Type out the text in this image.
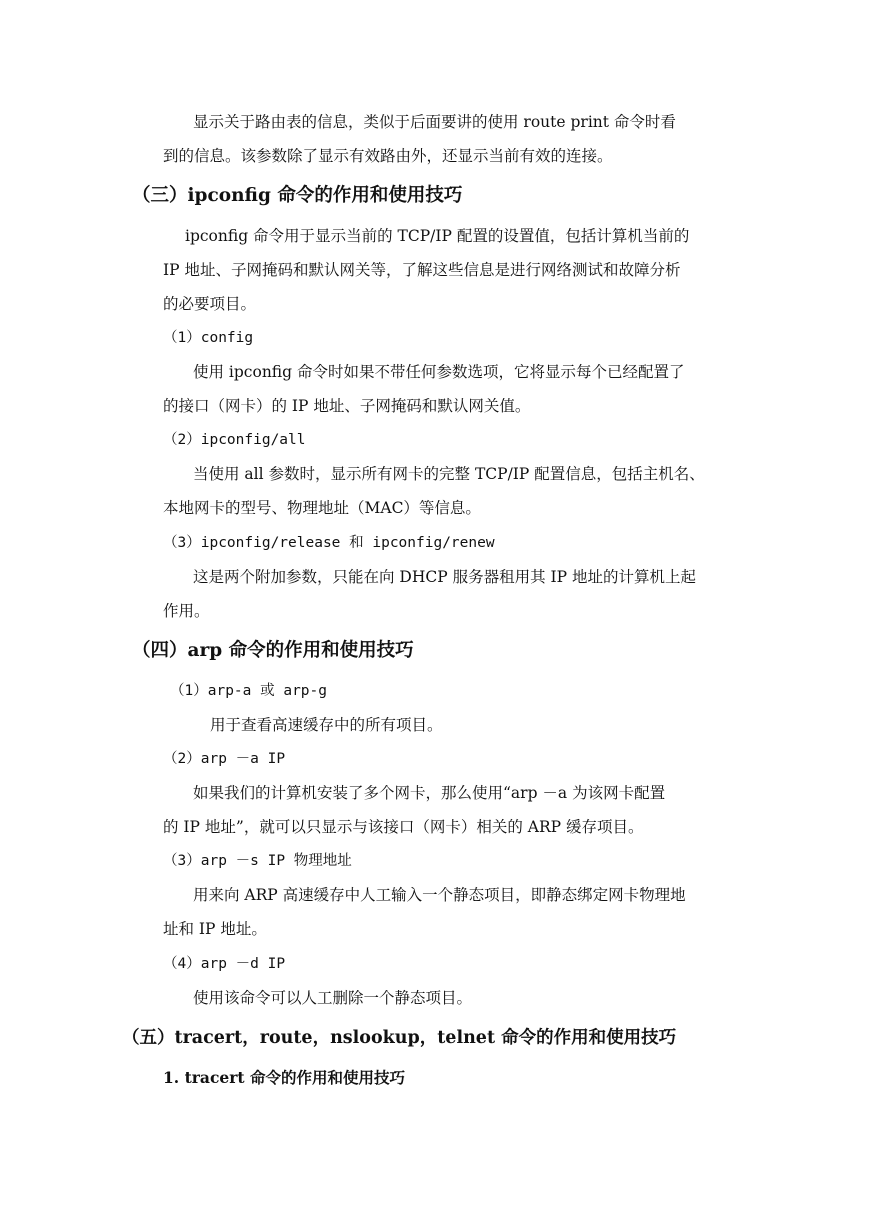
显示关于路由表的信息，类似于后面要讲的使用 route print 命令时看
到的信息。该参数除了显示有效路由外，还显示当前有效的连接。
（三）ipconfig 命令的作用和使用技巧
ipconfig 命令用于显示当前的 TCP/IP 配置的设置值，包括计算机当前的
IP 地址、子网掩码和默认网关等，了解这些信息是进行网络测试和故障分析
的必要项目。
（1）config
使用 ipconfig 命令时如果不带任何参数选项，它将显示每个已经配置了
的接口（网卡）的 IP 地址、子网掩码和默认网关值。
（2）ipconfig/all
当使用 all 参数时，显示所有网卡的完整 TCP/IP 配置信息，包括主机名、
本地网卡的型号、物理地址（MAC）等信息。
（3）ipconfig/release 和 ipconfig/renew
这是两个附加参数，只能在向 DHCP 服务器租用其 IP 地址的计算机上起
作用。
（四）arp 命令的作用和使用技巧
（1）arp-a 或 arp-g
用于查看高速缓存中的所有项目。
（2）arp －a IP
如果我们的计算机安装了多个网卡，那么使用“arp －a 为该网卡配置
的 IP 地址”，就可以只显示与该接口（网卡）相关的 ARP 缓存项目。
（3）arp －s IP 物理地址
用来向 ARP 高速缓存中人工输入一个静态项目，即静态绑定网卡物理地
址和 IP 地址。
（4）arp －d IP
使用该命令可以人工删除一个静态项目。
（五）tracert，route，nslookup，telnet 命令的作用和使用技巧
1. tracert 命令的作用和使用技巧
